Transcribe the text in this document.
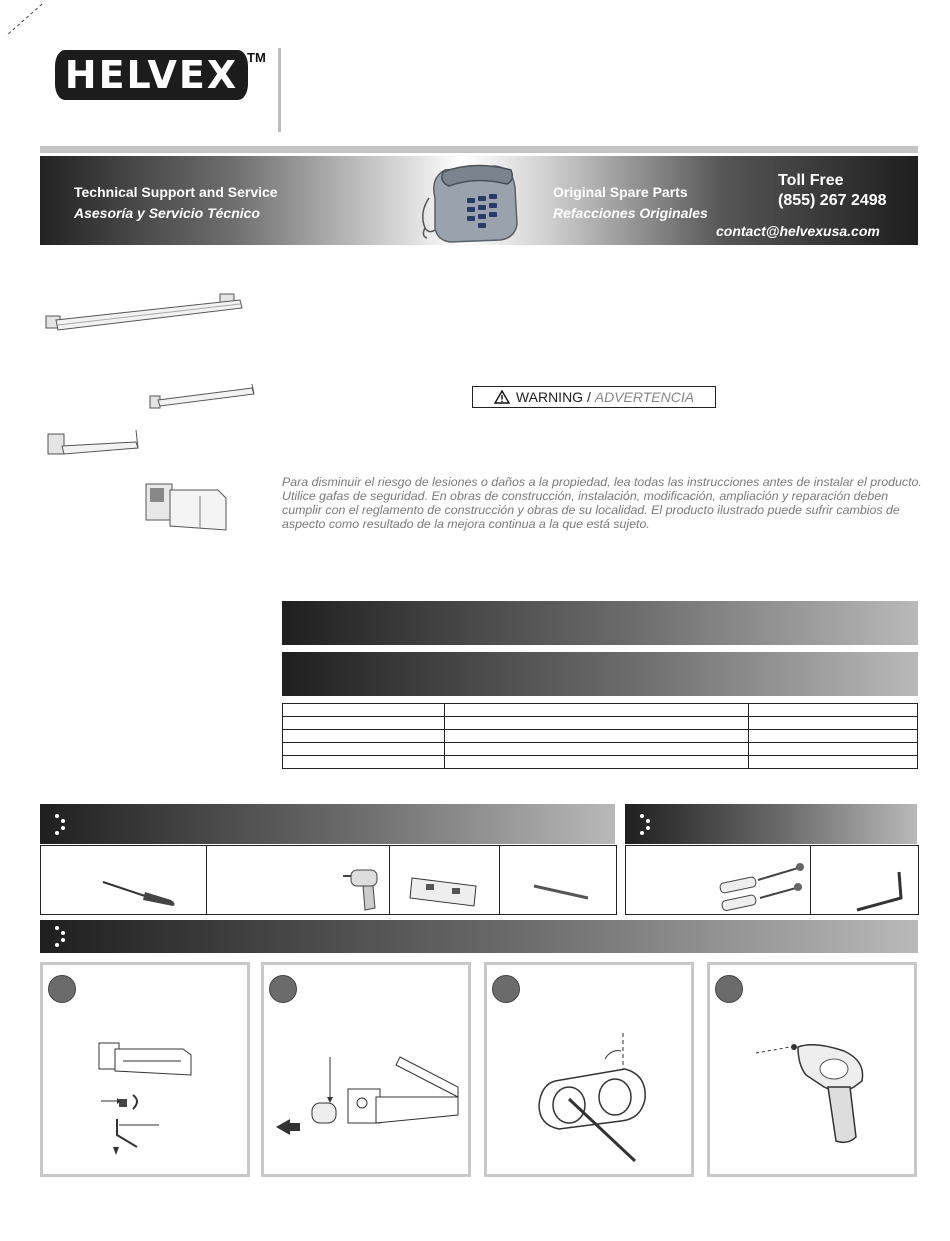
HELVEX TM
Technical Support and Service
Asesoría y Servicio Técnico
Original Spare Parts
Refacciones Originales
Toll Free
(855) 267 2498
contact@helvexusa.com
WARNING / ADVERTENCIA
Para disminuir el riesgo de lesiones o daños a la propiedad, lea todas las instrucciones antes de instalar el producto. Utilice gafas de seguridad. En obras de construcción, instalación, modificación, ampliación y reparación deben cumplir con el reglamento de construcción y obras de su localidad. El producto ilustrado puede sufrir cambios de aspecto como resultado de la mejora continua a la que está sujeto.
